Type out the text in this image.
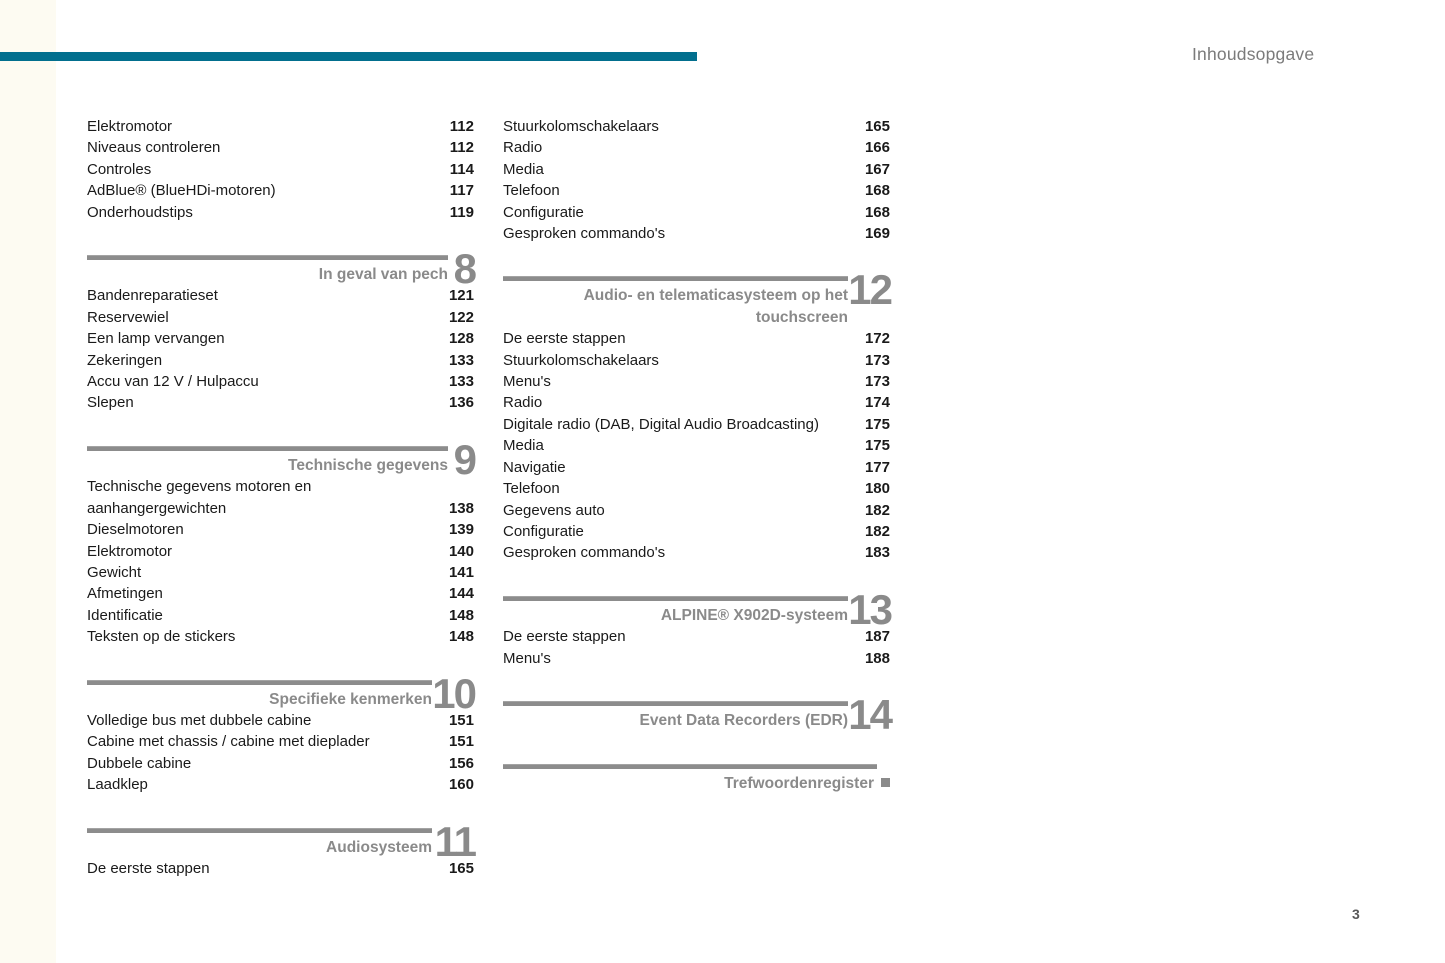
Inhoudsopgave
Elektromotor	112
Niveaus controleren	112
Controles	114
AdBlue® (BlueHDi-motoren)	117
Onderhoudstips	119
8
In geval van pech
Bandenreparatieset	121
Reservewiel	122
Een lamp vervangen	128
Zekeringen	133
Accu van 12 V / Hulpaccu	133
Slepen	136
9
Technische gegevens
Technische gegevens motoren en aanhangergewichten	138
Dieselmotoren	139
Elektromotor	140
Gewicht	141
Afmetingen	144
Identificatie	148
Teksten op de stickers	148
10
Specifieke kenmerken
Volledige bus met dubbele cabine	151
Cabine met chassis / cabine met dieplader	151
Dubbele cabine	156
Laadklep	160
11
Audiosysteem
De eerste stappen	165
Stuurkolomschakelaars	165
Radio	166
Media	167
Telefoon	168
Configuratie	168
Gesproken commando's	169
12
Audio- en telematicasysteem op het touchscreen
De eerste stappen	172
Stuurkolomschakelaars	173
Menu's	173
Radio	174
Digitale radio (DAB, Digital Audio Broadcasting)	175
Media	175
Navigatie	177
Telefoon	180
Gegevens auto	182
Configuratie	182
Gesproken commando's	183
13
ALPINE® X902D-systeem
De eerste stappen	187
Menu's	188
14
Event Data Recorders (EDR)
Trefwoordenregister
3
